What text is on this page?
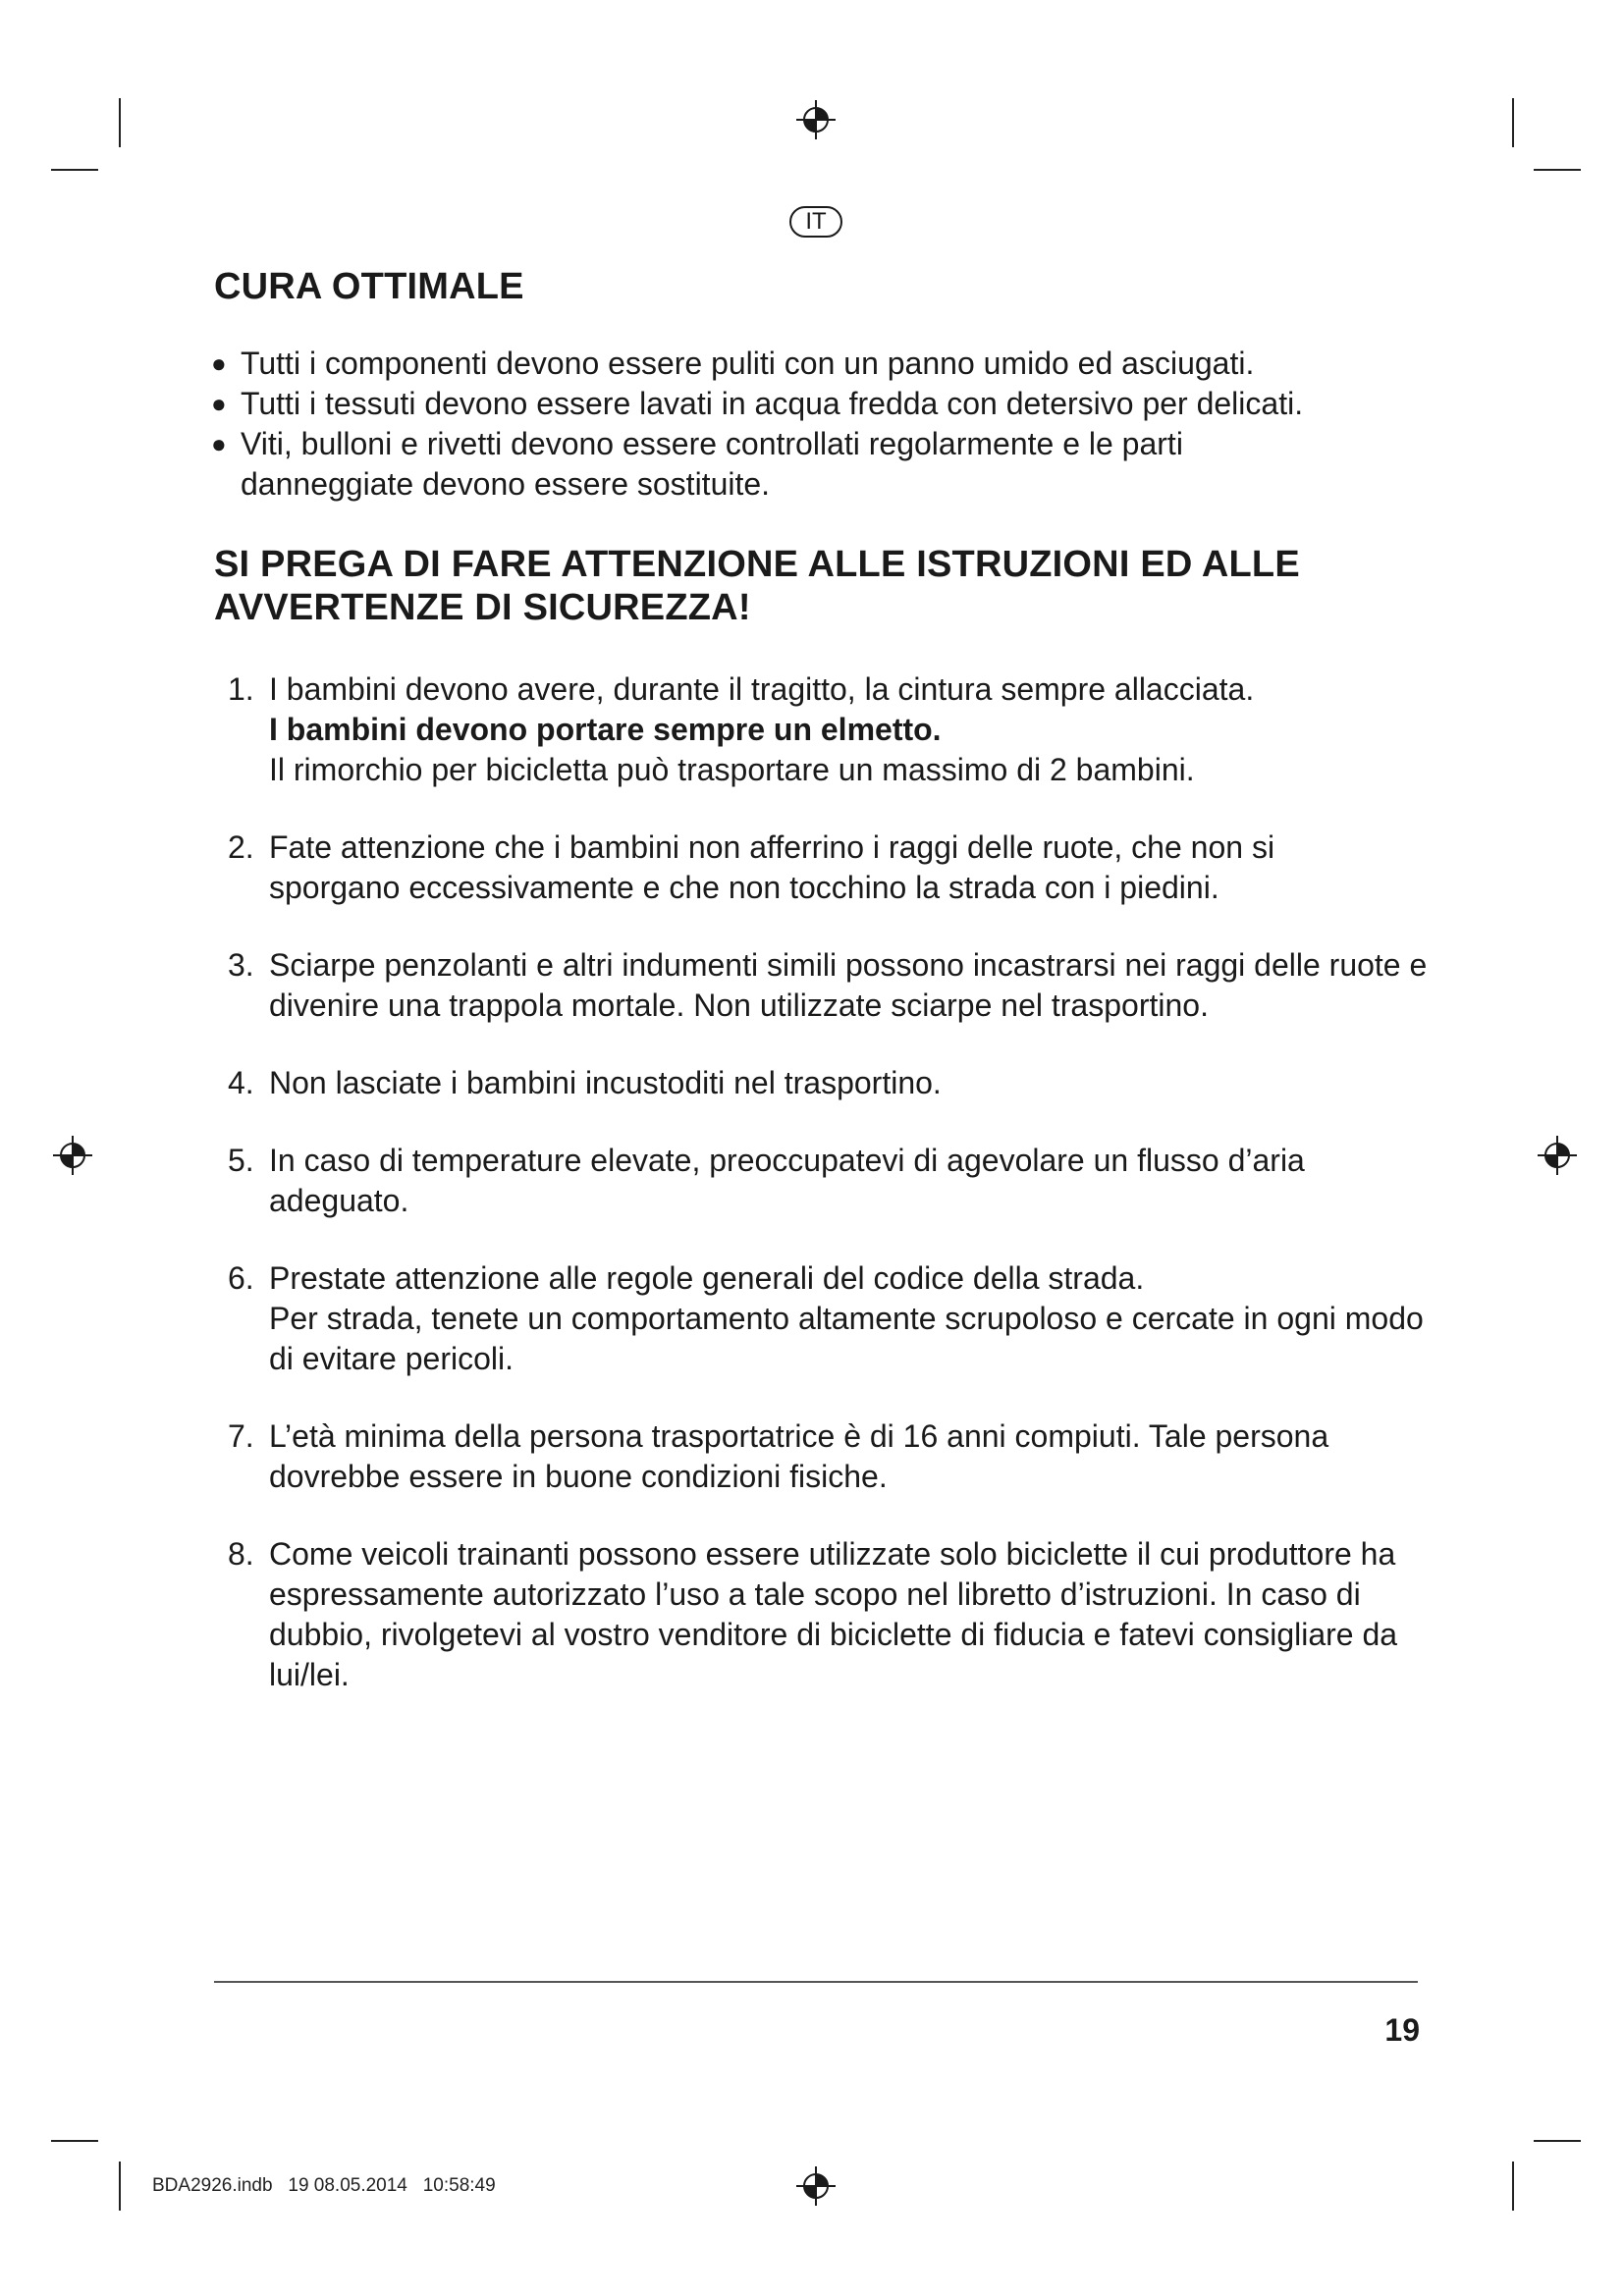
IT
CURA OTTIMALE
● Tutti i componenti devono essere puliti con un panno umido ed asciugati.
● Tutti i tessuti devono essere lavati in acqua fredda con detersivo per delicati.
● Viti, bulloni e rivetti devono essere controllati regolarmente e le parti danneggiate devono essere sostituite.
SI PREGA DI FARE ATTENZIONE ALLE ISTRUZIONI ED ALLE
AVVERTENZE DI SICUREZZA!
1. I bambini devono avere, durante il tragitto, la cintura sempre allacciata.

I bambini devono portare sempre un elmetto.

Il rimorchio per bicicletta può trasportare un massimo di 2 bambini.

2. Fate attenzione che i bambini non afferrino i raggi delle ruote, che non si sporgano eccessivamente e che non tocchino la strada con i piedini.

3. Sciarpe penzolanti e altri indumenti simili possono incastrarsi nei raggi delle ruote e divenire una trappola mortale. Non utilizzate sciarpe nel trasportino.

4. Non lasciate i bambini incustoditi nel trasportino.

5. In caso di temperature elevate, preoccupatevi di agevolare un flusso d’aria adeguato.

6. Prestate attenzione alle regole generali del codice della strada.

Per strada, tenete un comportamento altamente scrupoloso e cercate in ogni modo di evitare pericoli.

7. L’età minima della persona trasportatrice è di 16 anni compiuti. Tale persona dovrebbe essere in buone condizioni fisiche.

8. Come veicoli trainanti possono essere utilizzate solo biciclette il cui produttore ha espressamente autorizzato l’uso a tale scopo nel libretto d’istruzioni. In caso di dubbio, rivolgetevi al vostro venditore di biciclette di fiducia e fatevi consigliare da lui/lei.

19
BDA2926.indb   19 08.05.2014   10:58:49
